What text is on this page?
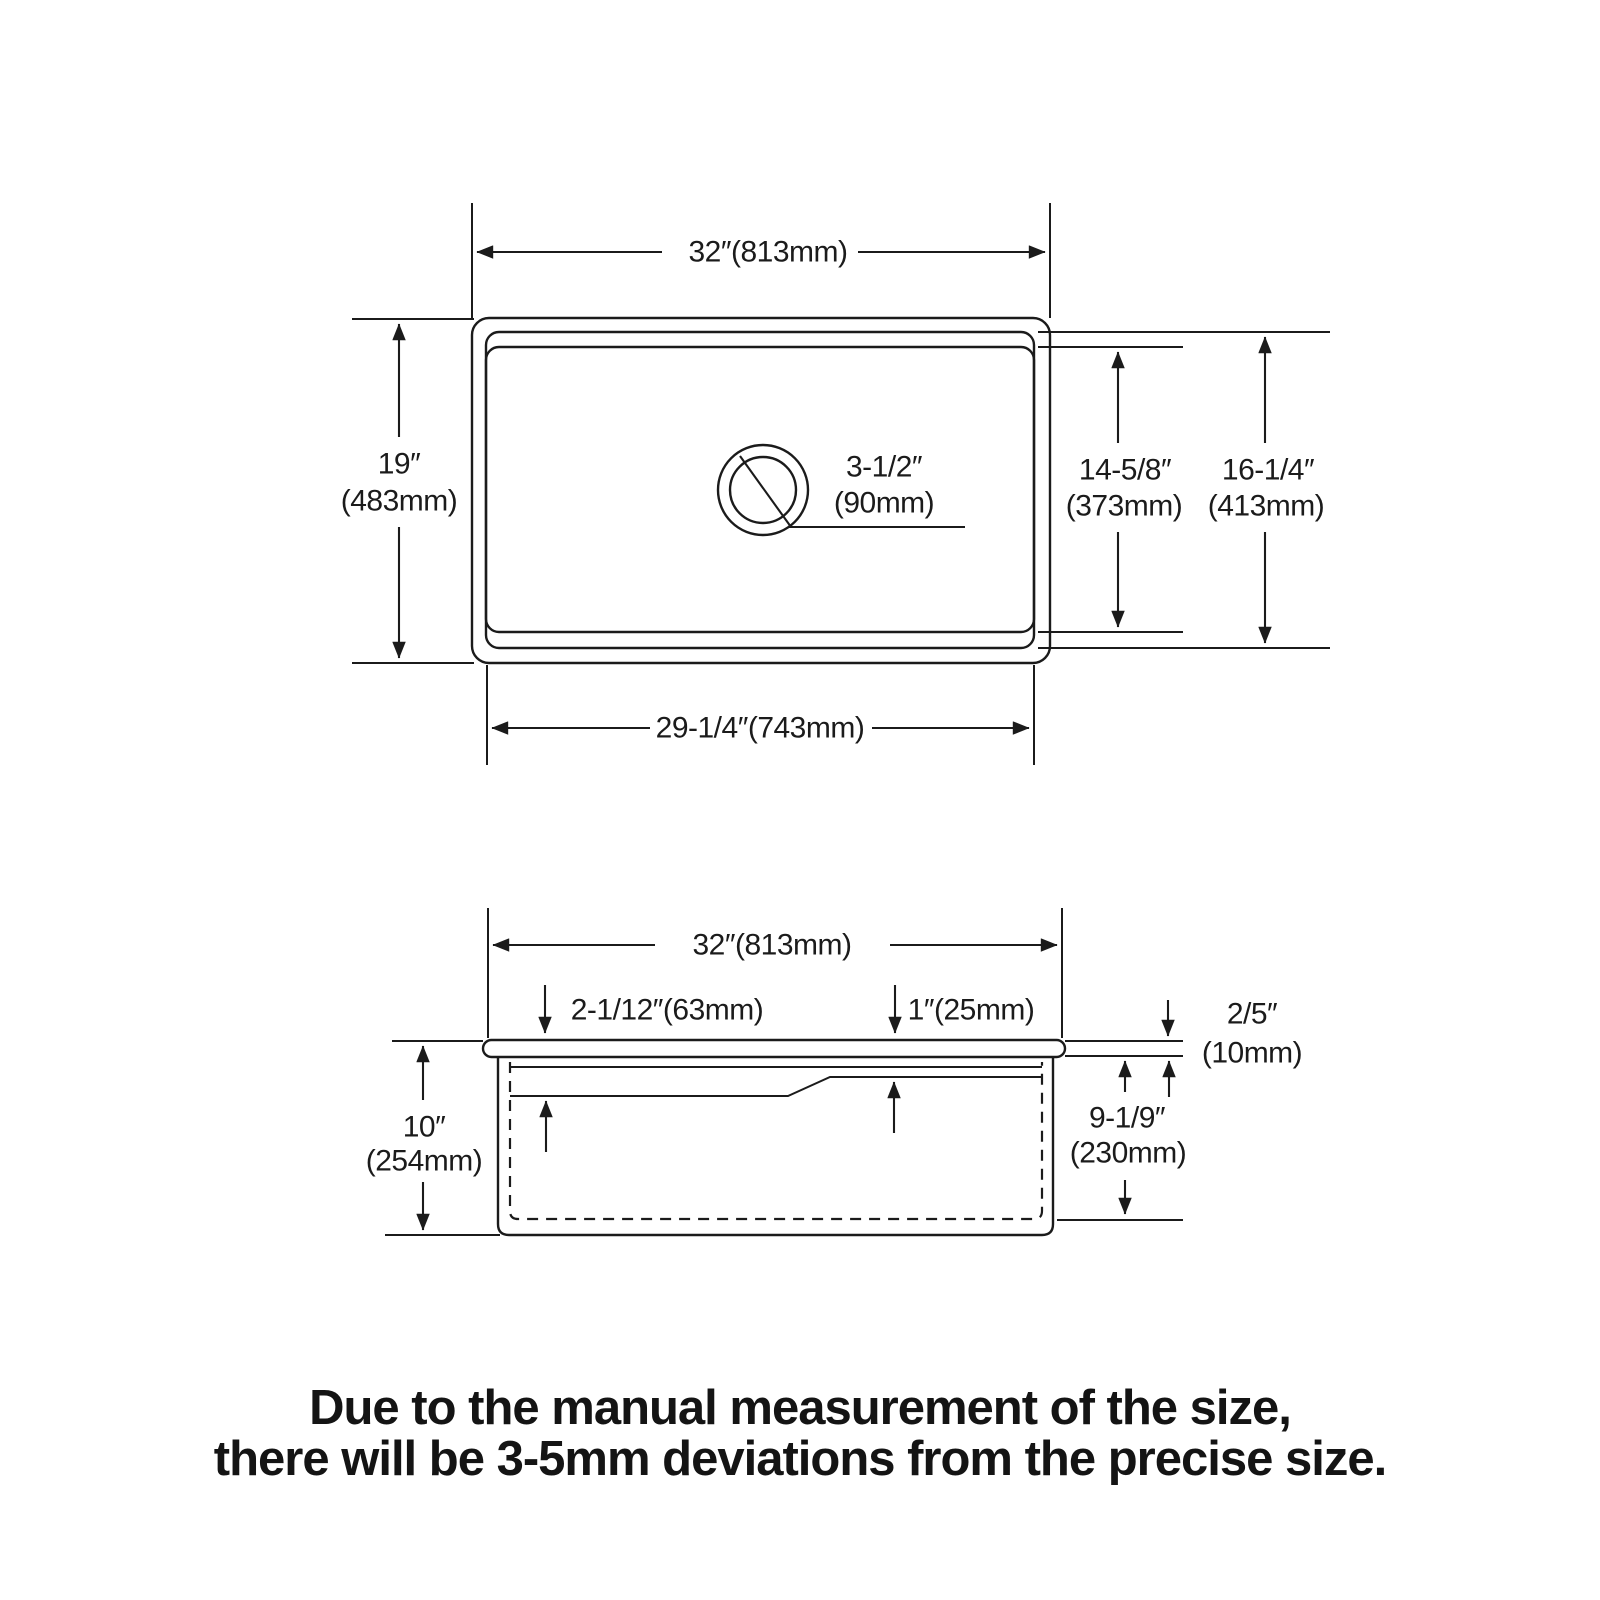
32″(813mm)
19″
(483mm)
3-1/2″
(90mm)
14-5/8″
(373mm)
16-1/4″
(413mm)
29-1/4″(743mm)
32″(813mm)
2-1/12″(63mm)	1″(25mm)	2/5″
(10mm)
9-1/9″
(230mm)
10″
(254mm)
Due to the manual measurement of the size,
there will be 3-5mm deviations from the precise size.
